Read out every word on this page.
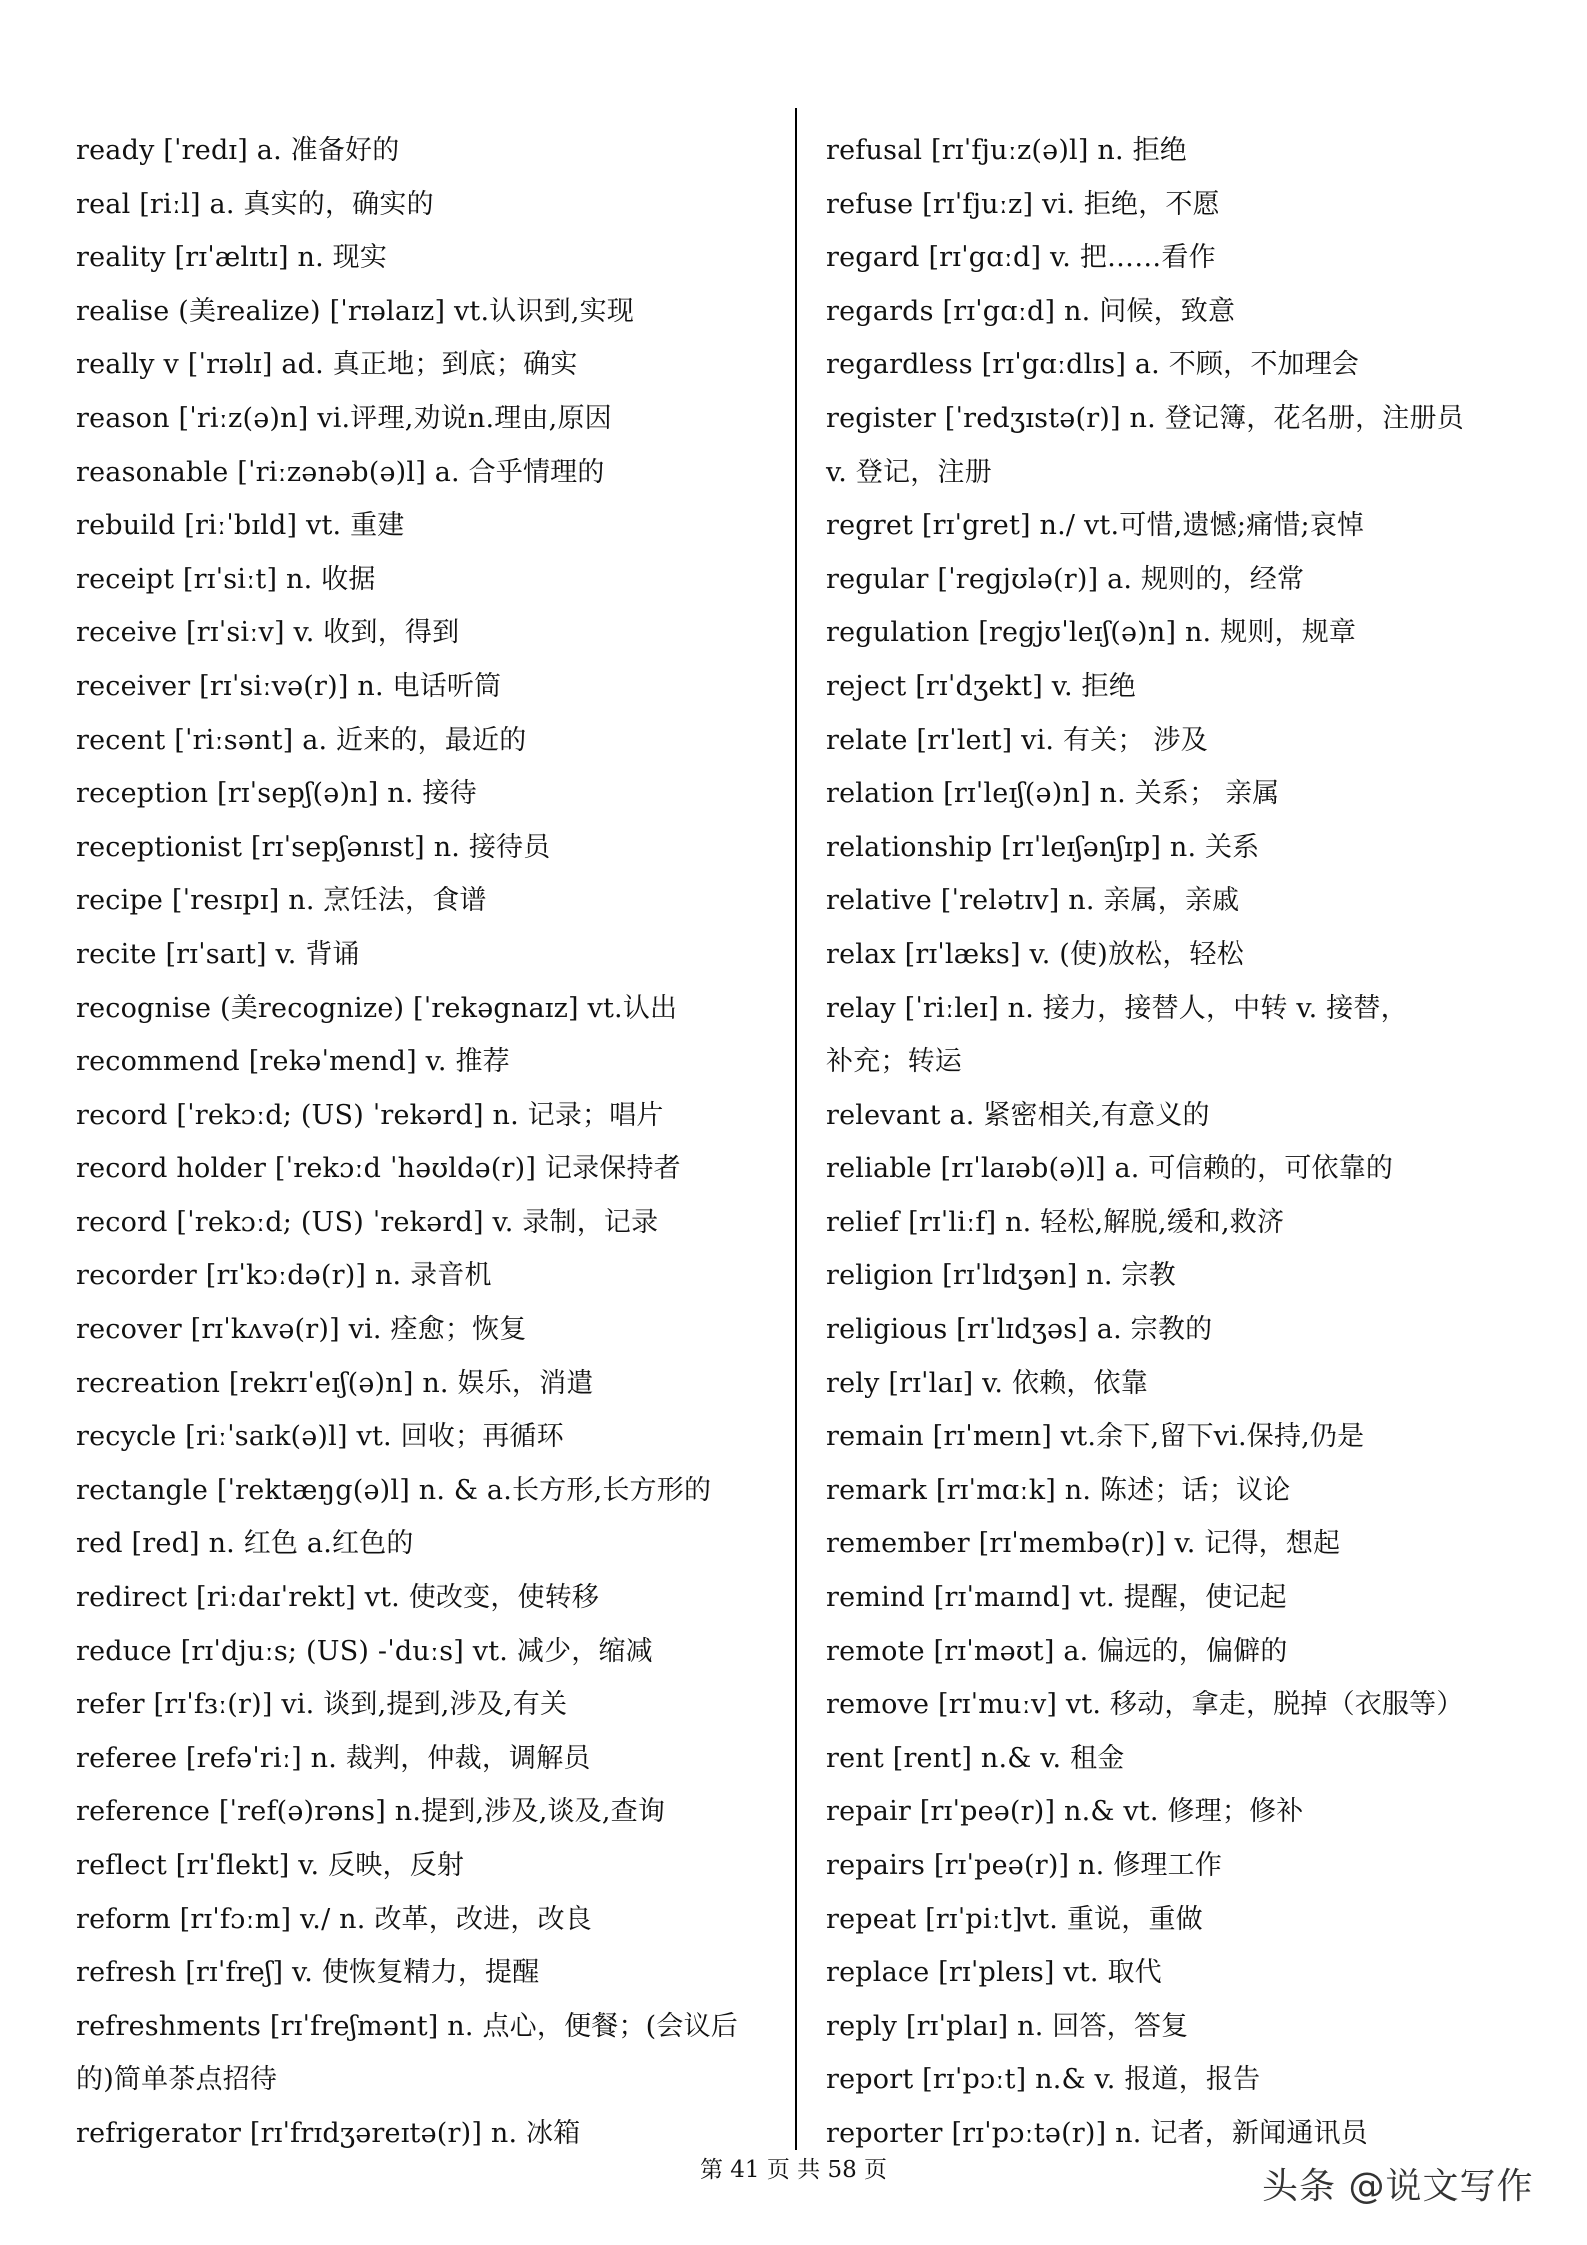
ready [ˈredɪ] a. 准备好的
real [riːl] a. 真实的，确实的
reality [rɪˈælɪtɪ] n. 现实
realise (美realize) [ˈrɪəlaɪz] vt.认识到,实现
really v [ˈrɪəlɪ] ad. 真正地；到底；确实
reason [ˈriːz(ə)n] vi.评理,劝说n.理由,原因
reasonable [ˈriːzənəb(ə)l] a. 合乎情理的
rebuild [riːˈbɪld] vt. 重建
receipt [rɪˈsiːt] n. 收据
receive [rɪˈsiːv] v. 收到，得到
receiver [rɪˈsiːvə(r)] n. 电话听筒
recent [ˈriːsənt] a. 近来的，最近的
reception [rɪˈsepʃ(ə)n] n. 接待
receptionist [rɪˈsepʃənɪst] n. 接待员
recipe [ˈresɪpɪ] n. 烹饪法，食谱
recite [rɪˈsaɪt] v. 背诵
recognise (美recognize) [ˈrekəgnaɪz] vt.认出
recommend [rekəˈmend] v. 推荐
record [ˈrekɔːd; (US) ˈrekərd] n. 记录；唱片
record holder [ˈrekɔːd ˈhəʊldə(r)] 记录保持者
record [ˈrekɔːd; (US) ˈrekərd] v. 录制，记录
recorder [rɪˈkɔːdə(r)] n. 录音机
recover [rɪˈkʌvə(r)] vi. 痊愈；恢复
recreation [rekrɪˈeɪʃ(ə)n] n. 娱乐，消遣
recycle [riːˈsaɪk(ə)l] vt. 回收；再循环
rectangle [ˈrektæŋg(ə)l] n. & a.长方形,长方形的
red [red] n. 红色 a.红色的
redirect [riːdaɪˈrekt] vt. 使改变，使转移
reduce [rɪˈdjuːs; (US) -ˈduːs] vt. 减少，缩减
refer [rɪˈfɜː(r)] vi. 谈到,提到,涉及,有关
referee [refəˈriː] n. 裁判，仲裁，调解员
reference [ˈref(ə)rəns] n.提到,涉及,谈及,查询
reflect [rɪˈflekt] v. 反映，反射
reform [rɪˈfɔːm] v./ n. 改革，改进，改良
refresh [rɪˈfreʃ] v. 使恢复精力，提醒
refreshments [rɪˈfreʃmənt] n. 点心，便餐；(会议后
的)简单茶点招待
refrigerator [rɪˈfrɪdʒəreɪtə(r)] n. 冰箱
refusal [rɪˈfjuːz(ə)l] n. 拒绝
refuse [rɪˈfjuːz] vi. 拒绝，不愿
regard [rɪˈgɑːd] v. 把……看作
regards [rɪˈgɑːd] n. 问候，致意
regardless [rɪˈgɑːdlɪs] a. 不顾，不加理会
register [ˈredʒɪstə(r)] n. 登记簿，花名册，注册员
v. 登记，注册
regret [rɪˈgret] n./ vt.可惜,遗憾;痛惜;哀悼
regular [ˈregjʊlə(r)] a. 规则的，经常
regulation [regjʊˈleɪʃ(ə)n] n. 规则，规章
reject [rɪˈdʒekt] v. 拒绝
relate [rɪˈleɪt] vi. 有关； 涉及
relation [rɪˈleɪʃ(ə)n] n. 关系； 亲属
relationship [rɪˈleɪʃənʃɪp] n. 关系
relative [ˈrelətɪv] n. 亲属，亲戚
relax [rɪˈlæks] v. (使)放松，轻松
relay [ˈriːleɪ] n. 接力，接替人，中转 v. 接替，
补充；转运
relevant a. 紧密相关,有意义的
reliable [rɪˈlaɪəb(ə)l] a. 可信赖的，可依靠的
relief [rɪˈliːf] n. 轻松,解脱,缓和,救济
religion [rɪˈlɪdʒən] n. 宗教
religious [rɪˈlɪdʒəs] a. 宗教的
rely [rɪˈlaɪ] v. 依赖，依靠
remain [rɪˈmeɪn] vt.余下,留下vi.保持,仍是
remark [rɪˈmɑːk] n. 陈述；话；议论
remember [rɪˈmembə(r)] v. 记得，想起
remind [rɪˈmaɪnd] vt. 提醒，使记起
remote [rɪˈməʊt] a. 偏远的，偏僻的
remove [rɪˈmuːv] vt. 移动，拿走，脱掉（衣服等）
rent [rent] n.& v. 租金
repair [rɪˈpeə(r)] n.& vt. 修理；修补
repairs [rɪˈpeə(r)] n. 修理工作
repeat [rɪˈpiːt]vt. 重说，重做
replace [rɪˈpleɪs] vt. 取代
reply [rɪˈplaɪ] n. 回答，答复
report [rɪˈpɔːt] n.& v. 报道，报告
reporter [rɪˈpɔːtə(r)] n. 记者，新闻通讯员
第 41 页 共 58 页	头条 @说文写作
